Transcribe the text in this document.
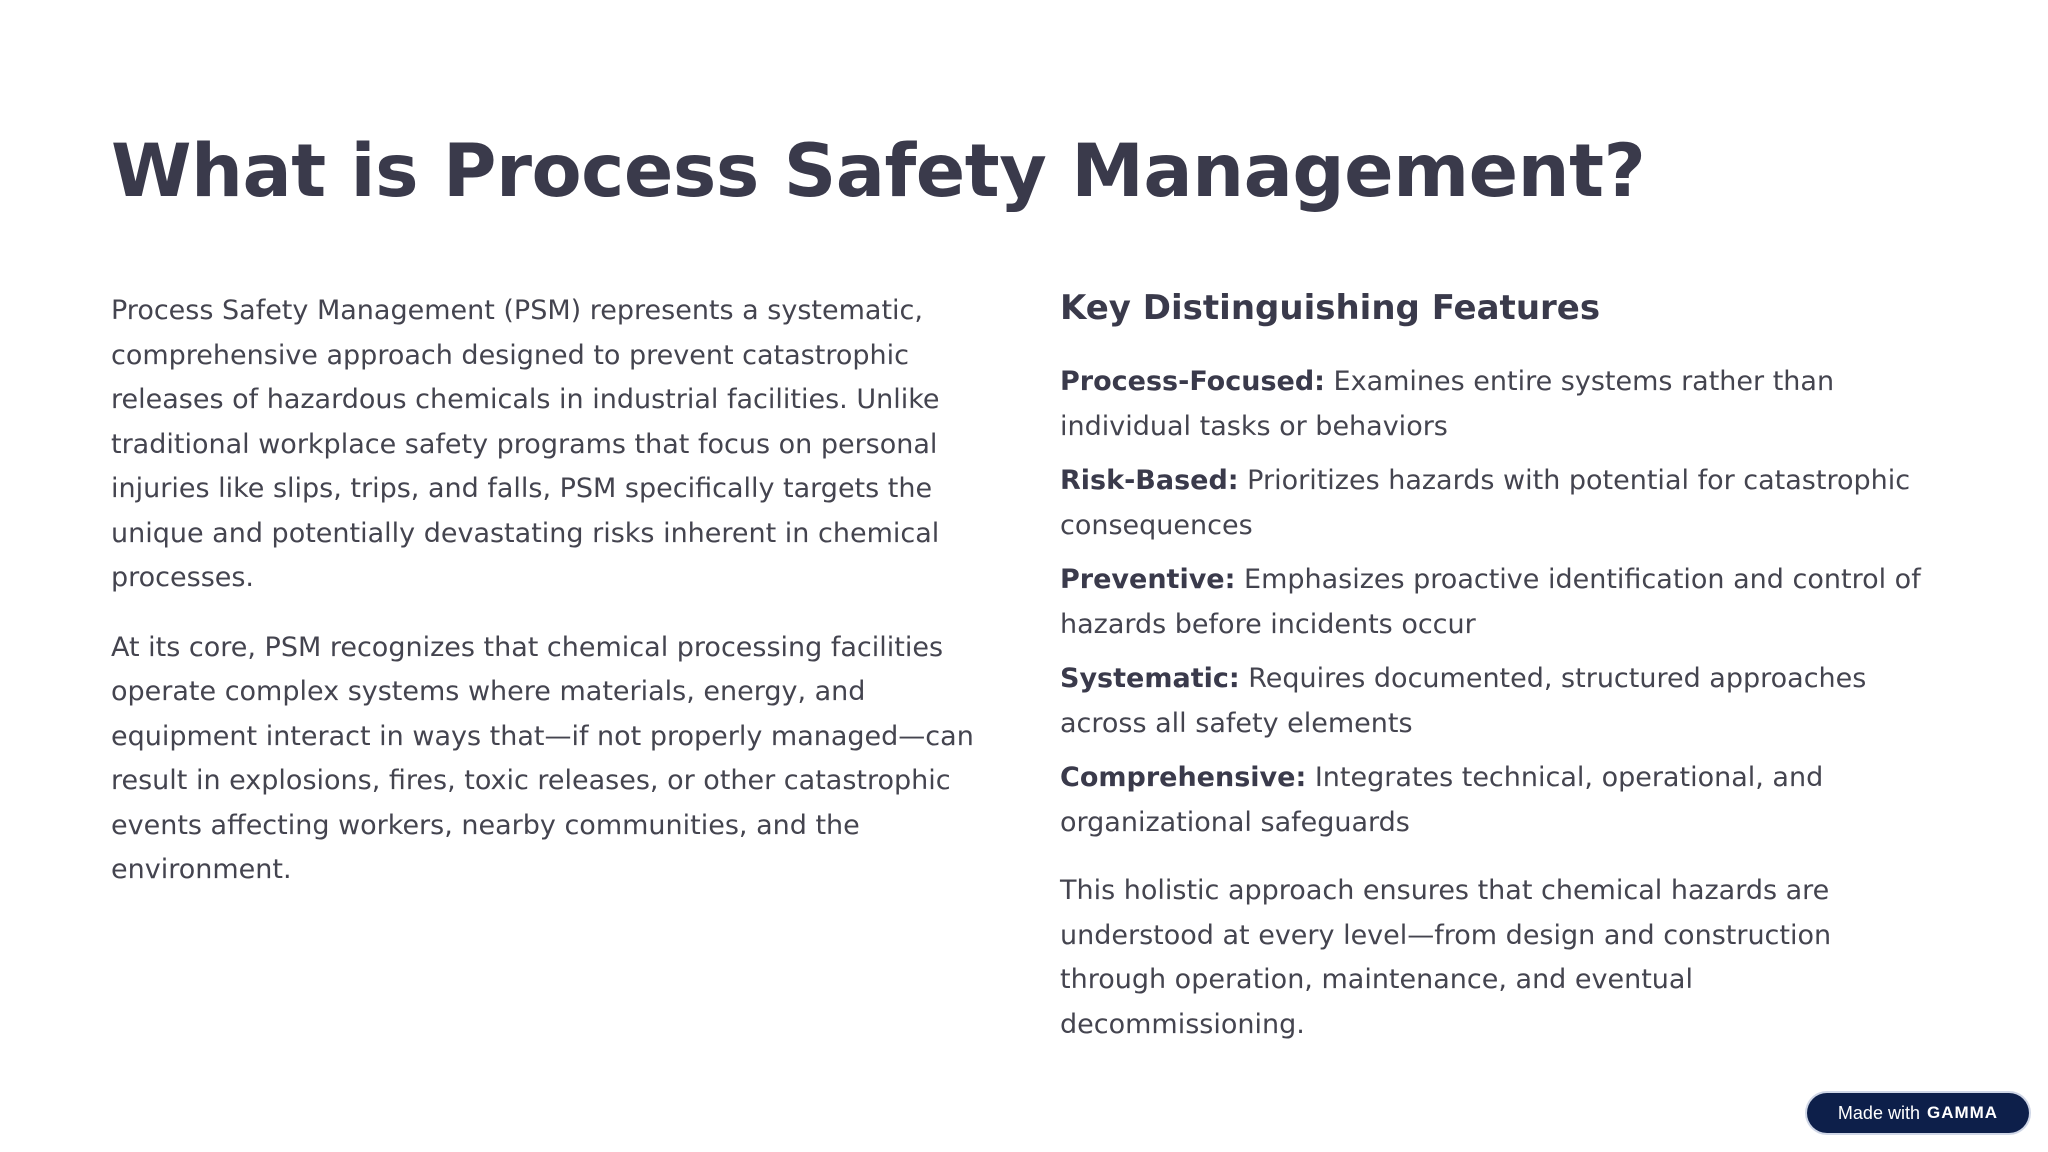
What is Process Safety Management?

Process Safety Management (PSM) represents a systematic, comprehensive approach designed to prevent catastrophic releases of hazardous chemicals in industrial facilities. Unlike traditional workplace safety programs that focus on personal injuries like slips, trips, and falls, PSM specifically targets the unique and potentially devastating risks inherent in chemical processes.

At its core, PSM recognizes that chemical processing facilities operate complex systems where materials, energy, and equipment interact in ways that—if not properly managed—can result in explosions, fires, toxic releases, or other catastrophic events affecting workers, nearby communities, and the environment.

Key Distinguishing Features

Process-Focused: Examines entire systems rather than individual tasks or behaviors

Risk-Based: Prioritizes hazards with potential for catastrophic consequences

Preventive: Emphasizes proactive identification and control of hazards before incidents occur

Systematic: Requires documented, structured approaches across all safety elements

Comprehensive: Integrates technical, operational, and organizational safeguards

This holistic approach ensures that chemical hazards are understood at every level—from design and construction through operation, maintenance, and eventual decommissioning.

Made with GAMMA
